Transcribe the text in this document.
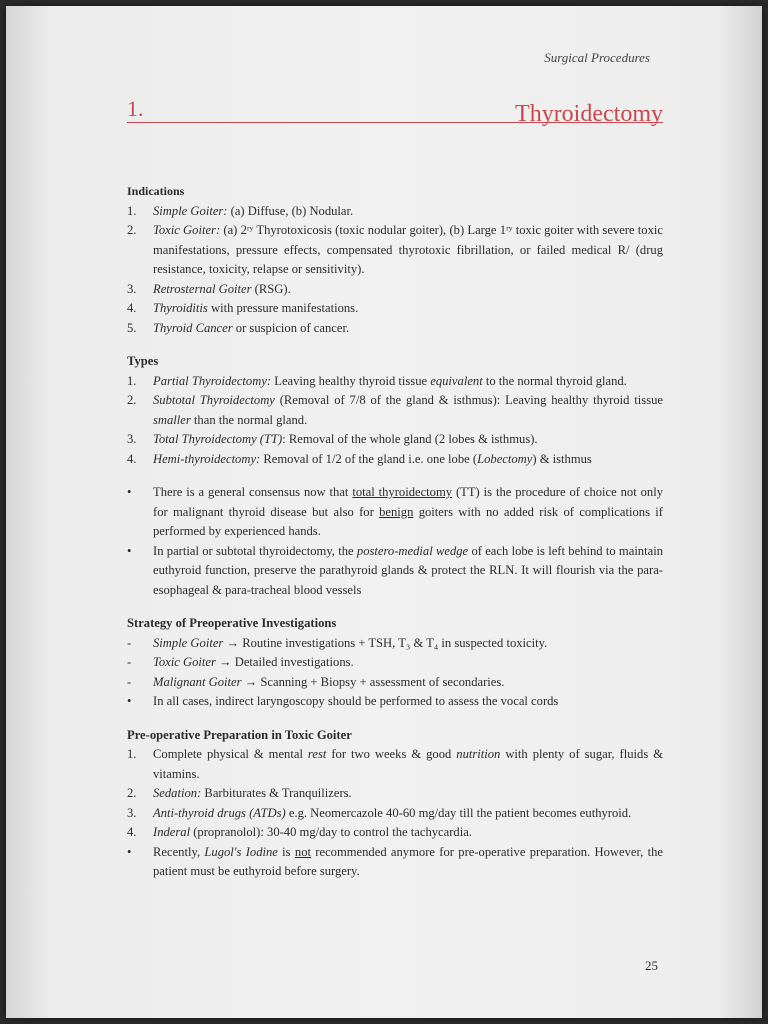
Surgical Procedures
1.	Thyroidectomy

Indications

1. Simple Goiter: (a) Diffuse, (b) Nodular.
2. Toxic Goiter: (a) 2ʳʸ Thyrotoxicosis (toxic nodular goiter), (b) Large 1ʳʸ toxic goiter with severe toxic manifestations, pressure effects, compensated thyrotoxic fibrillation, or failed medical R/ (drug resistance, toxicity, relapse or sensitivity).
3. Retrosternal Goiter (RSG).
4. Thyroiditis with pressure manifestations.
5. Thyroid Cancer or suspicion of cancer.

Types

1. Partial Thyroidectomy: Leaving healthy thyroid tissue equivalent to the normal thyroid gland.
2. Subtotal Thyroidectomy (Removal of 7/8 of the gland & isthmus): Leaving healthy thyroid tissue smaller than the normal gland.
3. Total Thyroidectomy (TT): Removal of the whole gland (2 lobes & isthmus).
4. Hemi-thyroidectomy: Removal of 1/2 of the gland i.e. one lobe (Lobectomy) & isthmus
• There is a general consensus now that total thyroidectomy (TT) is the procedure of choice not only for malignant thyroid disease but also for benign goiters with no added risk of complications if performed by experienced hands.
• In partial or subtotal thyroidectomy, the postero-medial wedge of each lobe is left behind to maintain euthyroid function, preserve the parathyroid glands & protect the RLN. It will flourish via the para-esophageal & para-tracheal blood vessels

Strategy of Preoperative Investigations

- Simple Goiter → Routine investigations + TSH, T₃ & T₄ in suspected toxicity.
- Toxic Goiter → Detailed investigations.
- Malignant Goiter → Scanning + Biopsy + assessment of secondaries.
• In all cases, indirect laryngoscopy should be performed to assess the vocal cords

Pre-operative Preparation in Toxic Goiter

1. Complete physical & mental rest for two weeks & good nutrition with plenty of sugar, fluids & vitamins.
2. Sedation: Barbiturates & Tranquilizers.
3. Anti-thyroid drugs (ATDs) e.g. Neomercazole 40-60 mg/day till the patient becomes euthyroid.
4. Inderal (propranolol): 30-40 mg/day to control the tachycardia.
• Recently, Lugol's Iodine is not recommended anymore for pre-operative preparation. However, the patient must be euthyroid before surgery.
25
